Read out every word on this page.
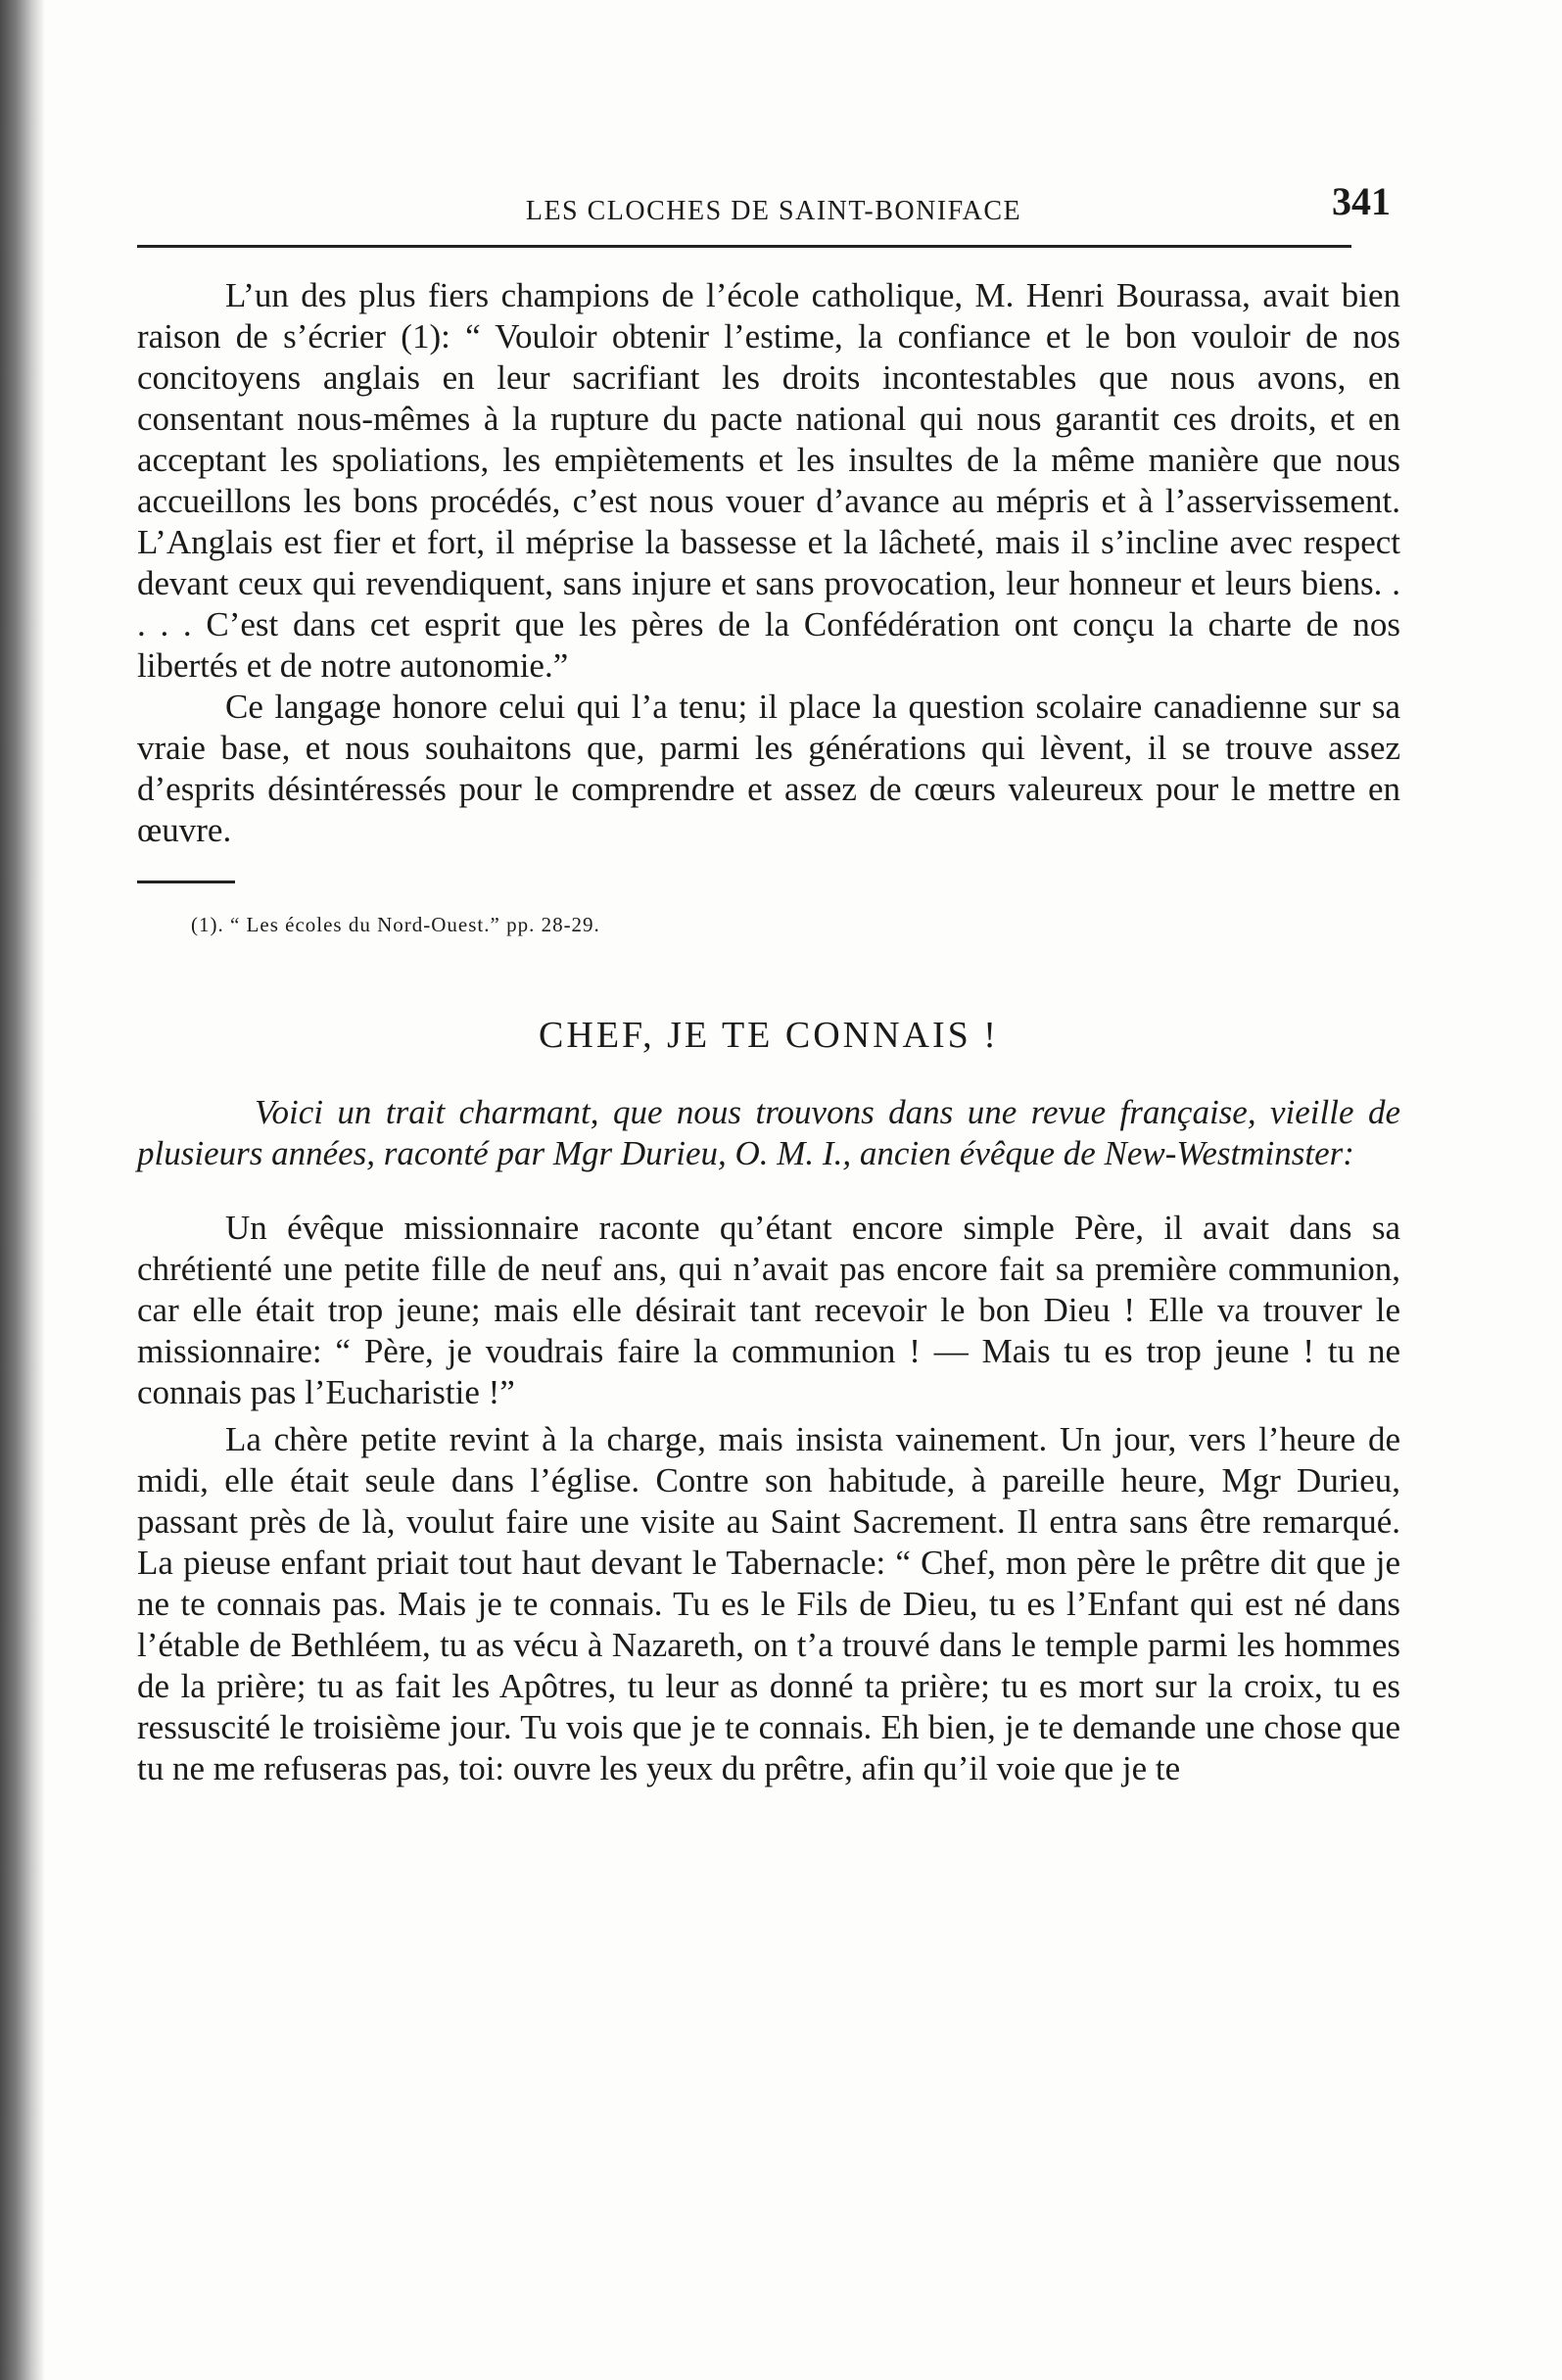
LES CLOCHES DE SAINT-BONIFACE	341

L’un des plus fiers champions de l’école catholique, M. Henri Bourassa, avait bien raison de s’écrier (1): “ Vouloir obtenir l’estime, la confiance et le bon vouloir de nos concitoyens anglais en leur sacrifiant les droits incontestables que nous avons, en consentant nous-mêmes à la rupture du pacte national qui nous garantit ces droits, et en acceptant les spoliations, les empiètements et les insultes de la même manière que nous accueillons les bons procédés, c’est nous vouer d’avance au mépris et à l’asservissement. L’Anglais est fier et fort, il méprise la bassesse et la lâcheté, mais il s’incline avec respect devant ceux qui revendiquent, sans injure et sans provocation, leur honneur et leurs biens. . . . . C’est dans cet esprit que les pères de la Confédération ont conçu la charte de nos libertés et de notre autonomie.”

Ce langage honore celui qui l’a tenu; il place la question scolaire canadienne sur sa vraie base, et nous souhaitons que, parmi les générations qui lèvent, il se trouve assez d’esprits désintéressés pour le comprendre et assez de cœurs valeureux pour le mettre en œuvre.

(1). “ Les écoles du Nord-Ouest.” pp. 28-29.
CHEF, JE TE CONNAIS !
Voici un trait charmant, que nous trouvons dans une revue française, vieille de plusieurs années, raconté par Mgr Durieu, O. M. I., ancien évêque de New-Westminster:

Un évêque missionnaire raconte qu’étant encore simple Père, il avait dans sa chrétienté une petite fille de neuf ans, qui n’avait pas encore fait sa première communion, car elle était trop jeune; mais elle désirait tant recevoir le bon Dieu ! Elle va trouver le missionnaire: “ Père, je voudrais faire la communion ! — Mais tu es trop jeune ! tu ne connais pas l’Eucharistie !”

La chère petite revint à la charge, mais insista vainement. Un jour, vers l’heure de midi, elle était seule dans l’église. Contre son habitude, à pareille heure, Mgr Durieu, passant près de là, voulut faire une visite au Saint Sacrement. Il entra sans être remarqué. La pieuse enfant priait tout haut devant le Tabernacle: “ Chef, mon père le prêtre dit que je ne te connais pas. Mais je te connais. Tu es le Fils de Dieu, tu es l’Enfant qui est né dans l’étable de Bethléem, tu as vécu à Nazareth, on t’a trouvé dans le temple parmi les hommes de la prière; tu as fait les Apôtres, tu leur as donné ta prière; tu es mort sur la croix, tu es ressuscité le troisième jour. Tu vois que je te connais. Eh bien, je te demande une chose que tu ne me refuseras pas, toi: ouvre les yeux du prêtre, afin qu’il voie que je te
